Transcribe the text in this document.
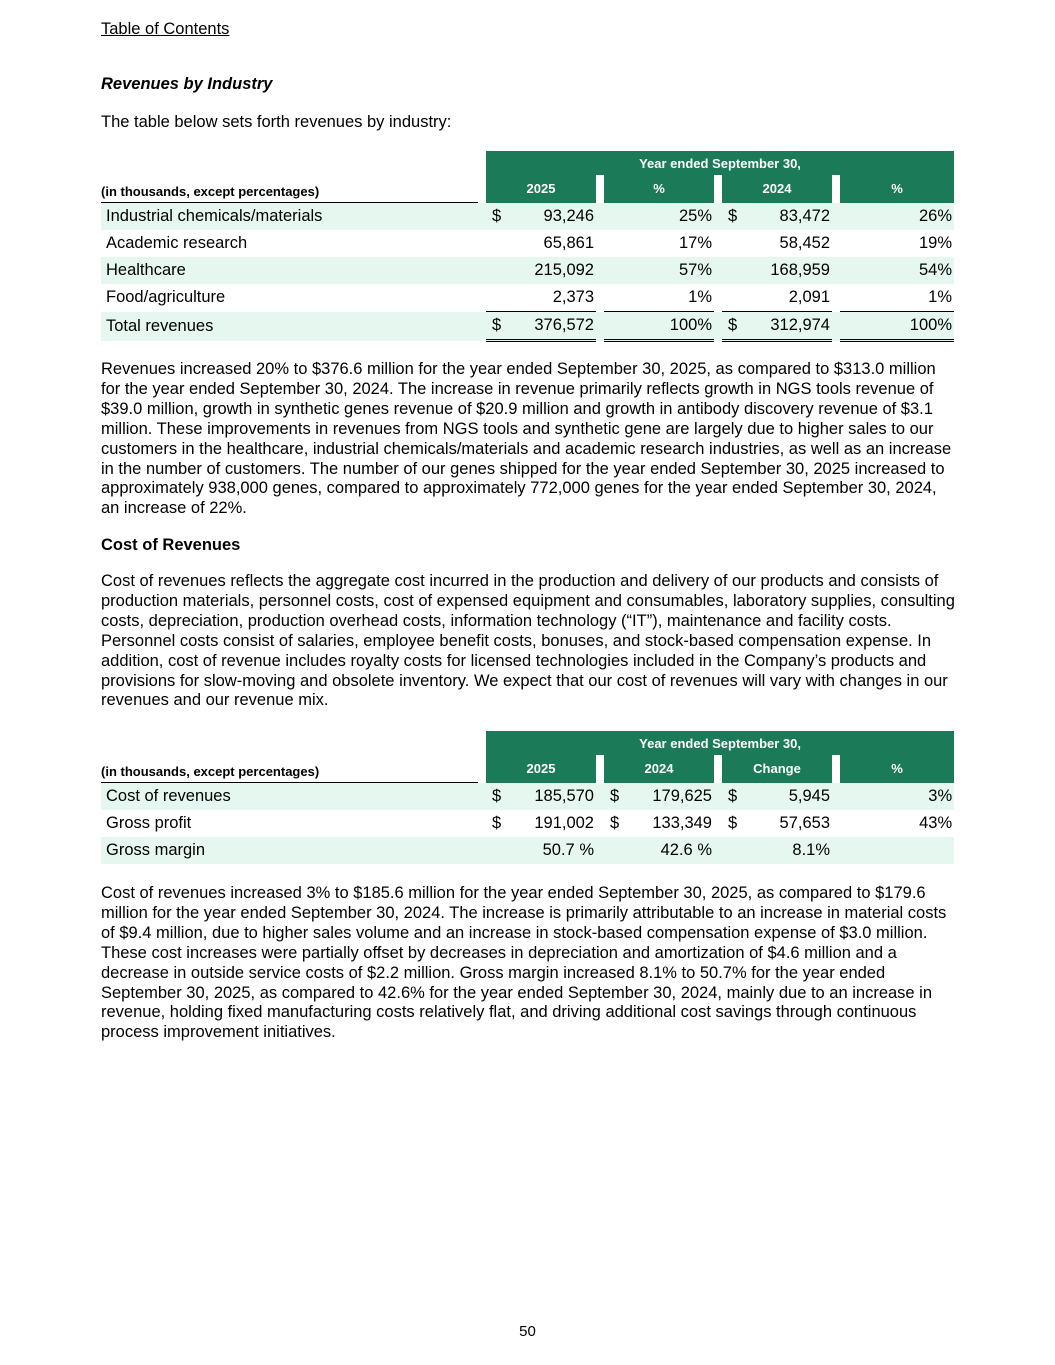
Table of Contents
Revenues by Industry
The table below sets forth revenues by industry:
		Year ended September 30,								
(in thousands, except percentages)		2025			%		2024			%
Industrial chemicals/materials		$	93,246		25%		$	83,472		26%
Academic research			65,861		17%			58,452		19%
Healthcare			215,092		57%			168,959		54%
Food/agriculture			2,373		1%			2,091		1%
Total revenues		$	376,572		100%		$	312,974		100%
Revenues increased 20% to $376.6 million for the year ended September 30, 2025, as compared to $313.0 million for the year ended September 30, 2024. The increase in revenue primarily reflects growth in NGS tools revenue of $39.0 million, growth in synthetic genes revenue of $20.9 million and growth in antibody discovery revenue of $3.1 million. These improvements in revenues from NGS tools and synthetic gene are largely due to higher sales to our customers in the healthcare, industrial chemicals/materials and academic research industries, as well as an increase in the number of customers. The number of our genes shipped for the year ended September 30, 2025 increased to approximately 938,000 genes, compared to approximately 772,000 genes for the year ended September 30, 2024, an increase of 22%.
Cost of Revenues
Cost of revenues reflects the aggregate cost incurred in the production and delivery of our products and consists of production materials, personnel costs, cost of expensed equipment and consumables, laboratory supplies, consulting costs, depreciation, production overhead costs, information technology (“IT”), maintenance and facility costs. Personnel costs consist of salaries, employee benefit costs, bonuses, and stock-based compensation expense. In addition, cost of revenue includes royalty costs for licensed technologies included in the Company’s products and provisions for slow-moving and obsolete inventory. We expect that our cost of revenues will vary with changes in our revenues and our revenue mix.
		Year ended September 30,									
(in thousands, except percentages)		2025			2024			Change			%
Cost of revenues		$	185,570		$	179,625		$	5,945		3%
Gross profit		$	191,002		$	133,349		$	57,653		43%
Gross margin			50.7 %			42.6 %			8.1%		
Cost of revenues increased 3% to $185.6 million for the year ended September 30, 2025, as compared to $179.6 million for the year ended September 30, 2024. The increase is primarily attributable to an increase in material costs of $9.4 million, due to higher sales volume and an increase in stock-based compensation expense of $3.0 million. These cost increases were partially offset by decreases in depreciation and amortization of $4.6 million and a decrease in outside service costs of $2.2 million. Gross margin increased 8.1% to 50.7% for the year ended September 30, 2025, as compared to 42.6% for the year ended September 30, 2024, mainly due to an increase in revenue, holding fixed manufacturing costs relatively flat, and driving additional cost savings through continuous process improvement initiatives.
50
